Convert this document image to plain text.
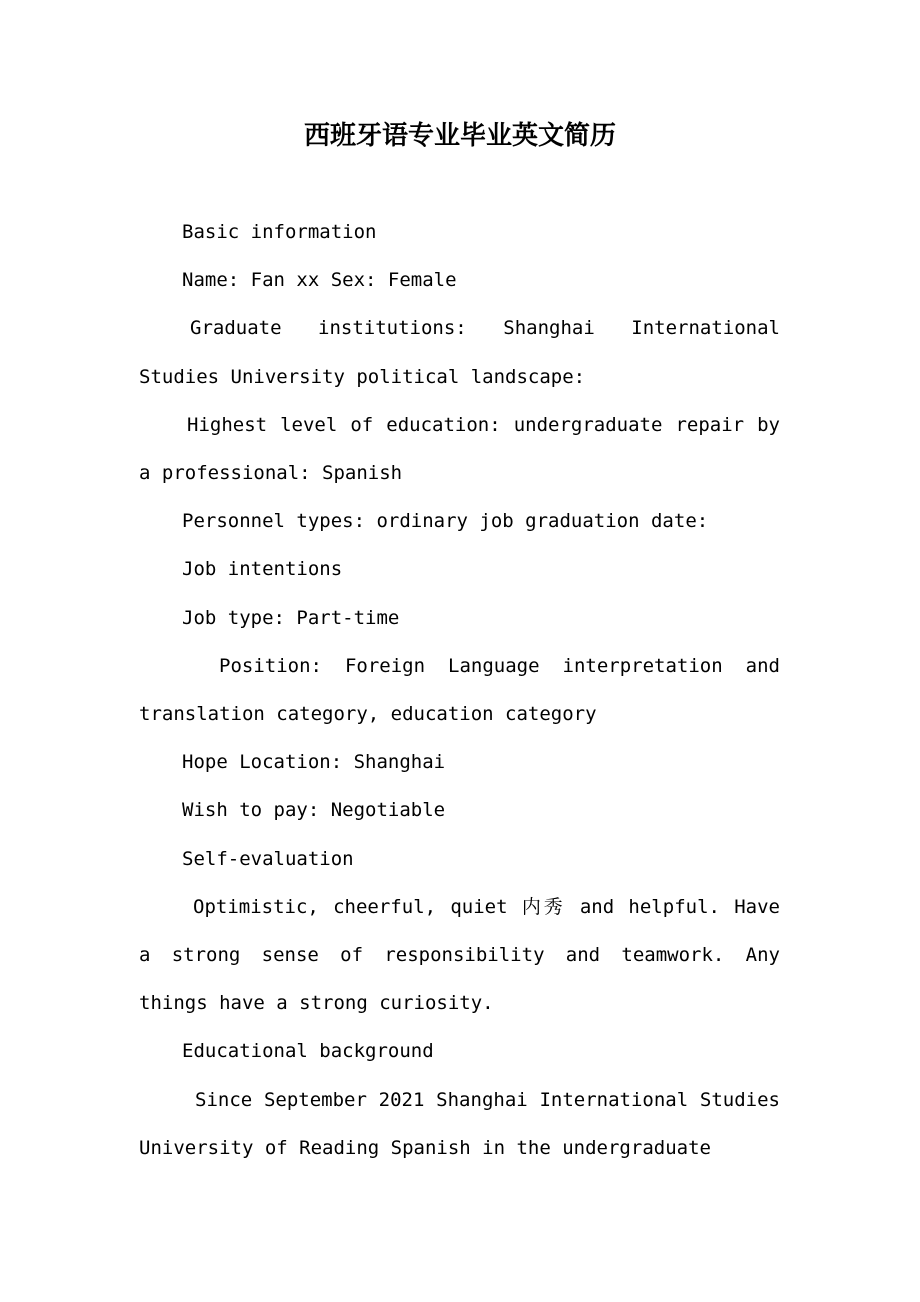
西班牙语专业毕业英文简历

Basic information

Name: Fan xx Sex: Female

Graduate institutions: Shanghai International Studies University political landscape:

Highest level of education: undergraduate repair by a professional: Spanish

Personnel types: ordinary job graduation date:

Job intentions

Job type: Part-time

Position: Foreign Language interpretation and translation category, education category

Hope Location: Shanghai

Wish to pay: Negotiable

Self-evaluation

Optimistic, cheerful, quiet 内秀 and helpful. Have a strong sense of responsibility and teamwork. Any things have a strong curiosity.

Educational background

Since September 2021 Shanghai International Studies University of Reading Spanish in the undergraduate
